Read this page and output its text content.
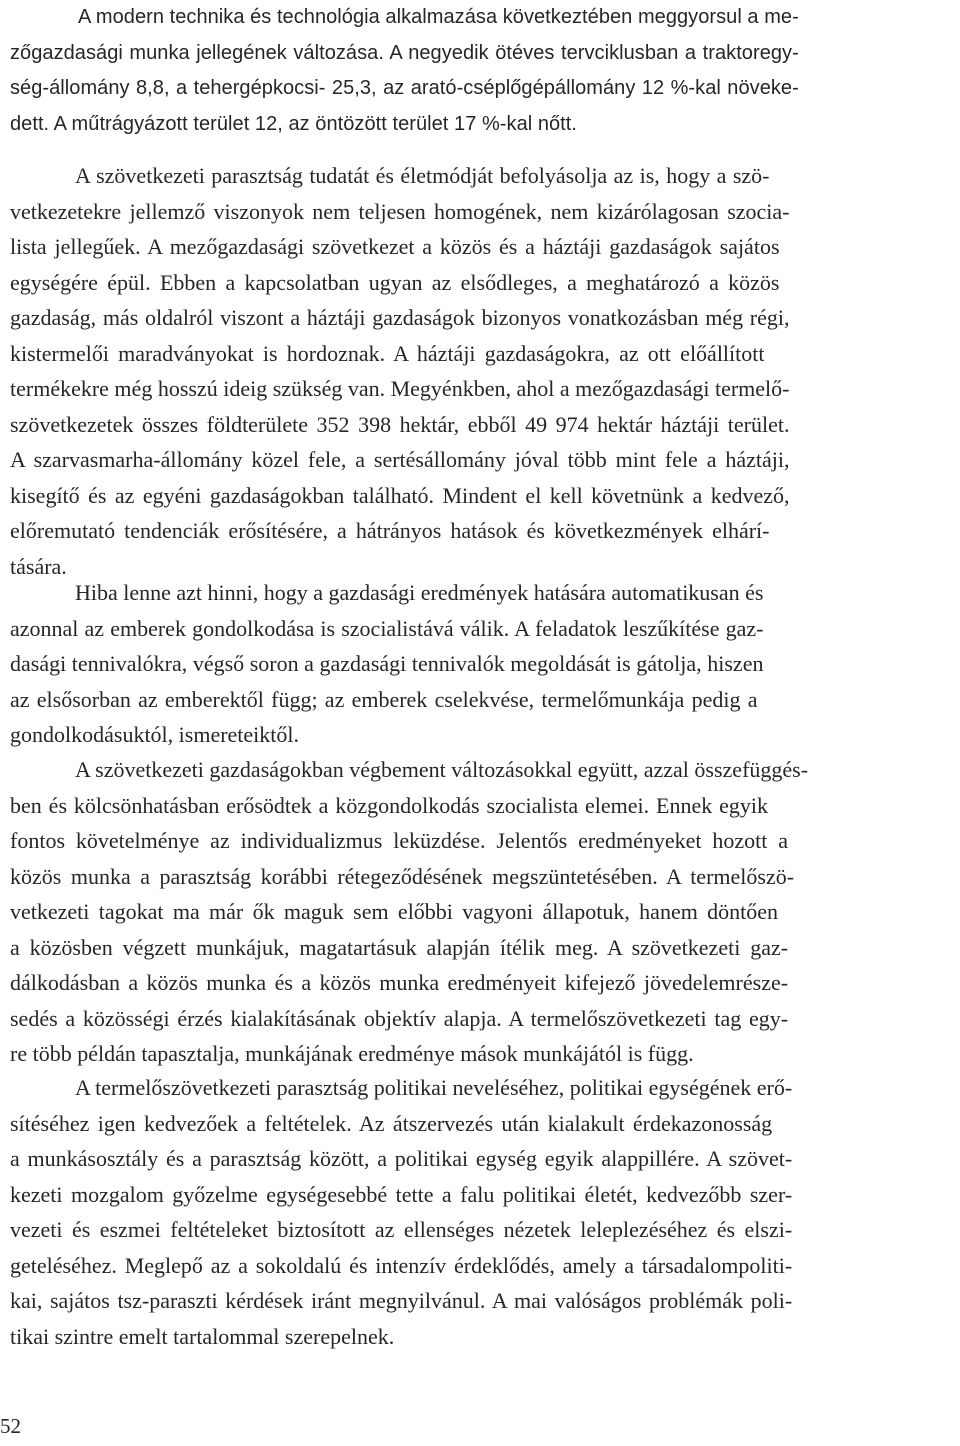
A modern technika és technológia alkalmazása következtében meggyorsul a me-
zőgazdasági munka jellegének változása. A negyedik ötéves tervciklusban a traktoregy-
ség-állomány 8,8, a tehergépkocsi- 25,3, az arató-cséplőgépállomány 12 %-kal növeke-
dett. A műtrágyázott terület 12, az öntözött terület 17 %-kal nőtt.

A szövetkezeti parasztság tudatát és életmódját befolyásolja az is, hogy a szö-
vetkezetekre jellemző viszonyok nem teljesen homogének, nem kizárólagosan szocia-
lista jellegűek. A mezőgazdasági szövetkezet a közös és a háztáji gazdaságok sajátos
egységére épül. Ebben a kapcsolatban ugyan az elsődleges, a meghatározó a közös
gazdaság, más oldalról viszont a háztáji gazdaságok bizonyos vonatkozásban még régi,
kistermelői maradványokat is hordoznak. A háztáji gazdaságokra, az ott előállított
termékekre még hosszú ideig szükség van. Megyénkben, ahol a mezőgazdasági termelő-
szövetkezetek összes földterülete 352 398 hektár, ebből 49 974 hektár háztáji terület.
A szarvasmarha-állomány közel fele, a sertésállomány jóval több mint fele a háztáji,
kisegítő és az egyéni gazdaságokban található. Mindent el kell követnünk a kedvező,
előremutató tendenciák erősítésére, a hátrányos hatások és következmények elhárí-
tására.

Hiba lenne azt hinni, hogy a gazdasági eredmények hatására automatikusan és
azonnal az emberek gondolkodása is szocialistává válik. A feladatok leszűkítése gaz-
dasági tennivalókra, végső soron a gazdasági tennivalók megoldását is gátolja, hiszen
az elsősorban az emberektől függ; az emberek cselekvése, termelőmunkája pedig a
gondolkodásuktól, ismereteiktől.

A szövetkezeti gazdaságokban végbement változásokkal együtt, azzal összefüggés-
ben és kölcsönhatásban erősödtek a közgondolkodás szocialista elemei. Ennek egyik
fontos követelménye az individualizmus leküzdése. Jelentős eredményeket hozott a
közös munka a parasztság korábbi rétegeződésének megszüntetésében. A termelőszö-
vetkezeti tagokat ma már ők maguk sem előbbi vagyoni állapotuk, hanem döntően
a közösben végzett munkájuk, magatartásuk alapján ítélik meg. A szövetkezeti gaz-
dálkodásban a közös munka és a közös munka eredményeit kifejező jövedelemrésze-
sedés a közösségi érzés kialakításának objektív alapja. A termelőszövetkezeti tag egy-
re több példán tapasztalja, munkájának eredménye mások munkájától is függ.

A termelőszövetkezeti parasztság politikai neveléséhez, politikai egységének erő-
sítéséhez igen kedvezőek a feltételek. Az átszervezés után kialakult érdekazonosság
a munkásosztály és a parasztság között, a politikai egység egyik alappillére. A szövet-
kezeti mozgalom győzelme egységesebbé tette a falu politikai életét, kedvezőbb szer-
vezeti és eszmei feltételeket biztosított az ellenséges nézetek leleplezéséhez és elszi-
geteléséhez. Meglepő az a sokoldalú és intenzív érdeklődés, amely a társadalompoliti-
kai, sajátos tsz-paraszti kérdések iránt megnyilvánul. A mai valóságos problémák poli-
tikai szintre emelt tartalommal szerepelnek.

52
